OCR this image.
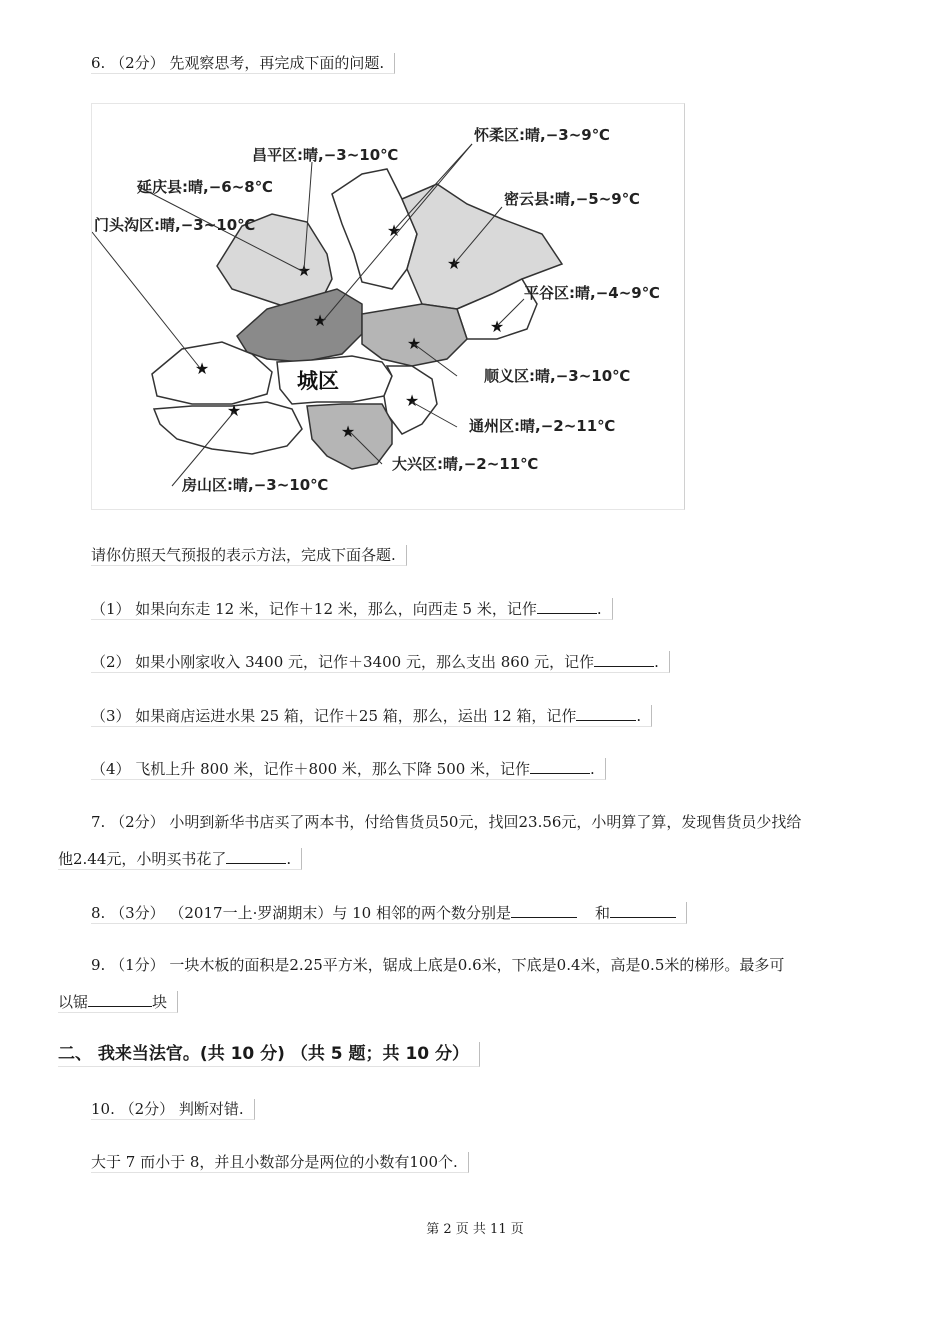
6. （2分） 先观察思考，再完成下面的问题.
★
★
★
★
★
★
★
★
★
★
怀柔区:晴,−3~9℃
昌平区:晴,−3~10℃
延庆县:晴,−6~8℃
门头沟区:晴,−3~10℃
密云县:晴,−5~9℃
平谷区:晴,−4~9℃
顺义区:晴,−3~10℃
通州区:晴,−2~11℃
大兴区:晴,−2~11℃
房山区:晴,−3~10℃
城区
请你仿照天气预报的表示方法，完成下面各题.
（1） 如果向东走 12 米，记作＋12 米，那么，向西走 5 米，记作	.
（2） 如果小刚家收入 3400 元，记作＋3400 元，那么支出 860 元，记作	.
（3） 如果商店运进水果 25 箱，记作＋25 箱，那么，运出 12 箱，记作	.
（4） 飞机上升 800 米，记作＋800 米，那么下降 500 米，记作	.
7. （2分） 小明到新华书店买了两本书，付给售货员50元，找回23.56元，小明算了算，发现售货员少找给
他2.44元，小明买书花了	.
8. （3分） （2017一上·罗湖期末）与 10 相邻的两个数分别是	和
9. （1分） 一块木板的面积是2.25平方米，锯成上底是0.6米，下底是0.4米，高是0.5米的梯形。最多可
以锯	块
二、 我来当法官。(共 10 分) （共 5 题；共 10 分）
10. （2分） 判断对错.
大于 7 而小于 8，并且小数部分是两位的小数有100个.
第 2 页 共 11 页
